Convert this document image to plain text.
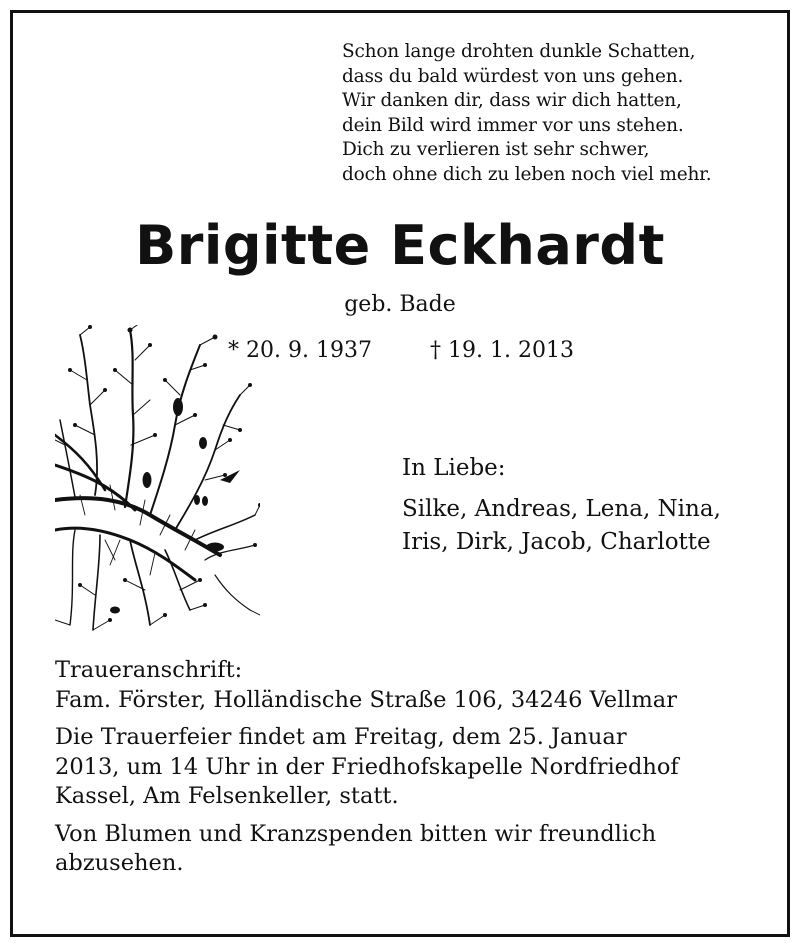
Schon lange drohten dunkle Schatten,
dass du bald würdest von uns gehen.
Wir danken dir, dass wir dich hatten,
dein Bild wird immer vor uns stehen.
Dich zu verlieren ist sehr schwer,
doch ohne dich zu leben noch viel mehr.
Brigitte Eckhardt
geb. Bade
* 20. 9. 1937	† 19. 1. 2013
In Liebe:
Silke, Andreas, Lena, Nina,
Iris, Dirk, Jacob, Charlotte

Traueranschrift:

Fam. Förster, Holländische Straße 106, 34246 Vellmar

Die Trauerfeier findet am Freitag, dem 25. Januar
2013, um 14 Uhr in der Friedhofskapelle Nordfriedhof
Kassel, Am Felsenkeller, statt.
Von Blumen und Kranzspenden bitten wir freundlich
abzusehen.
